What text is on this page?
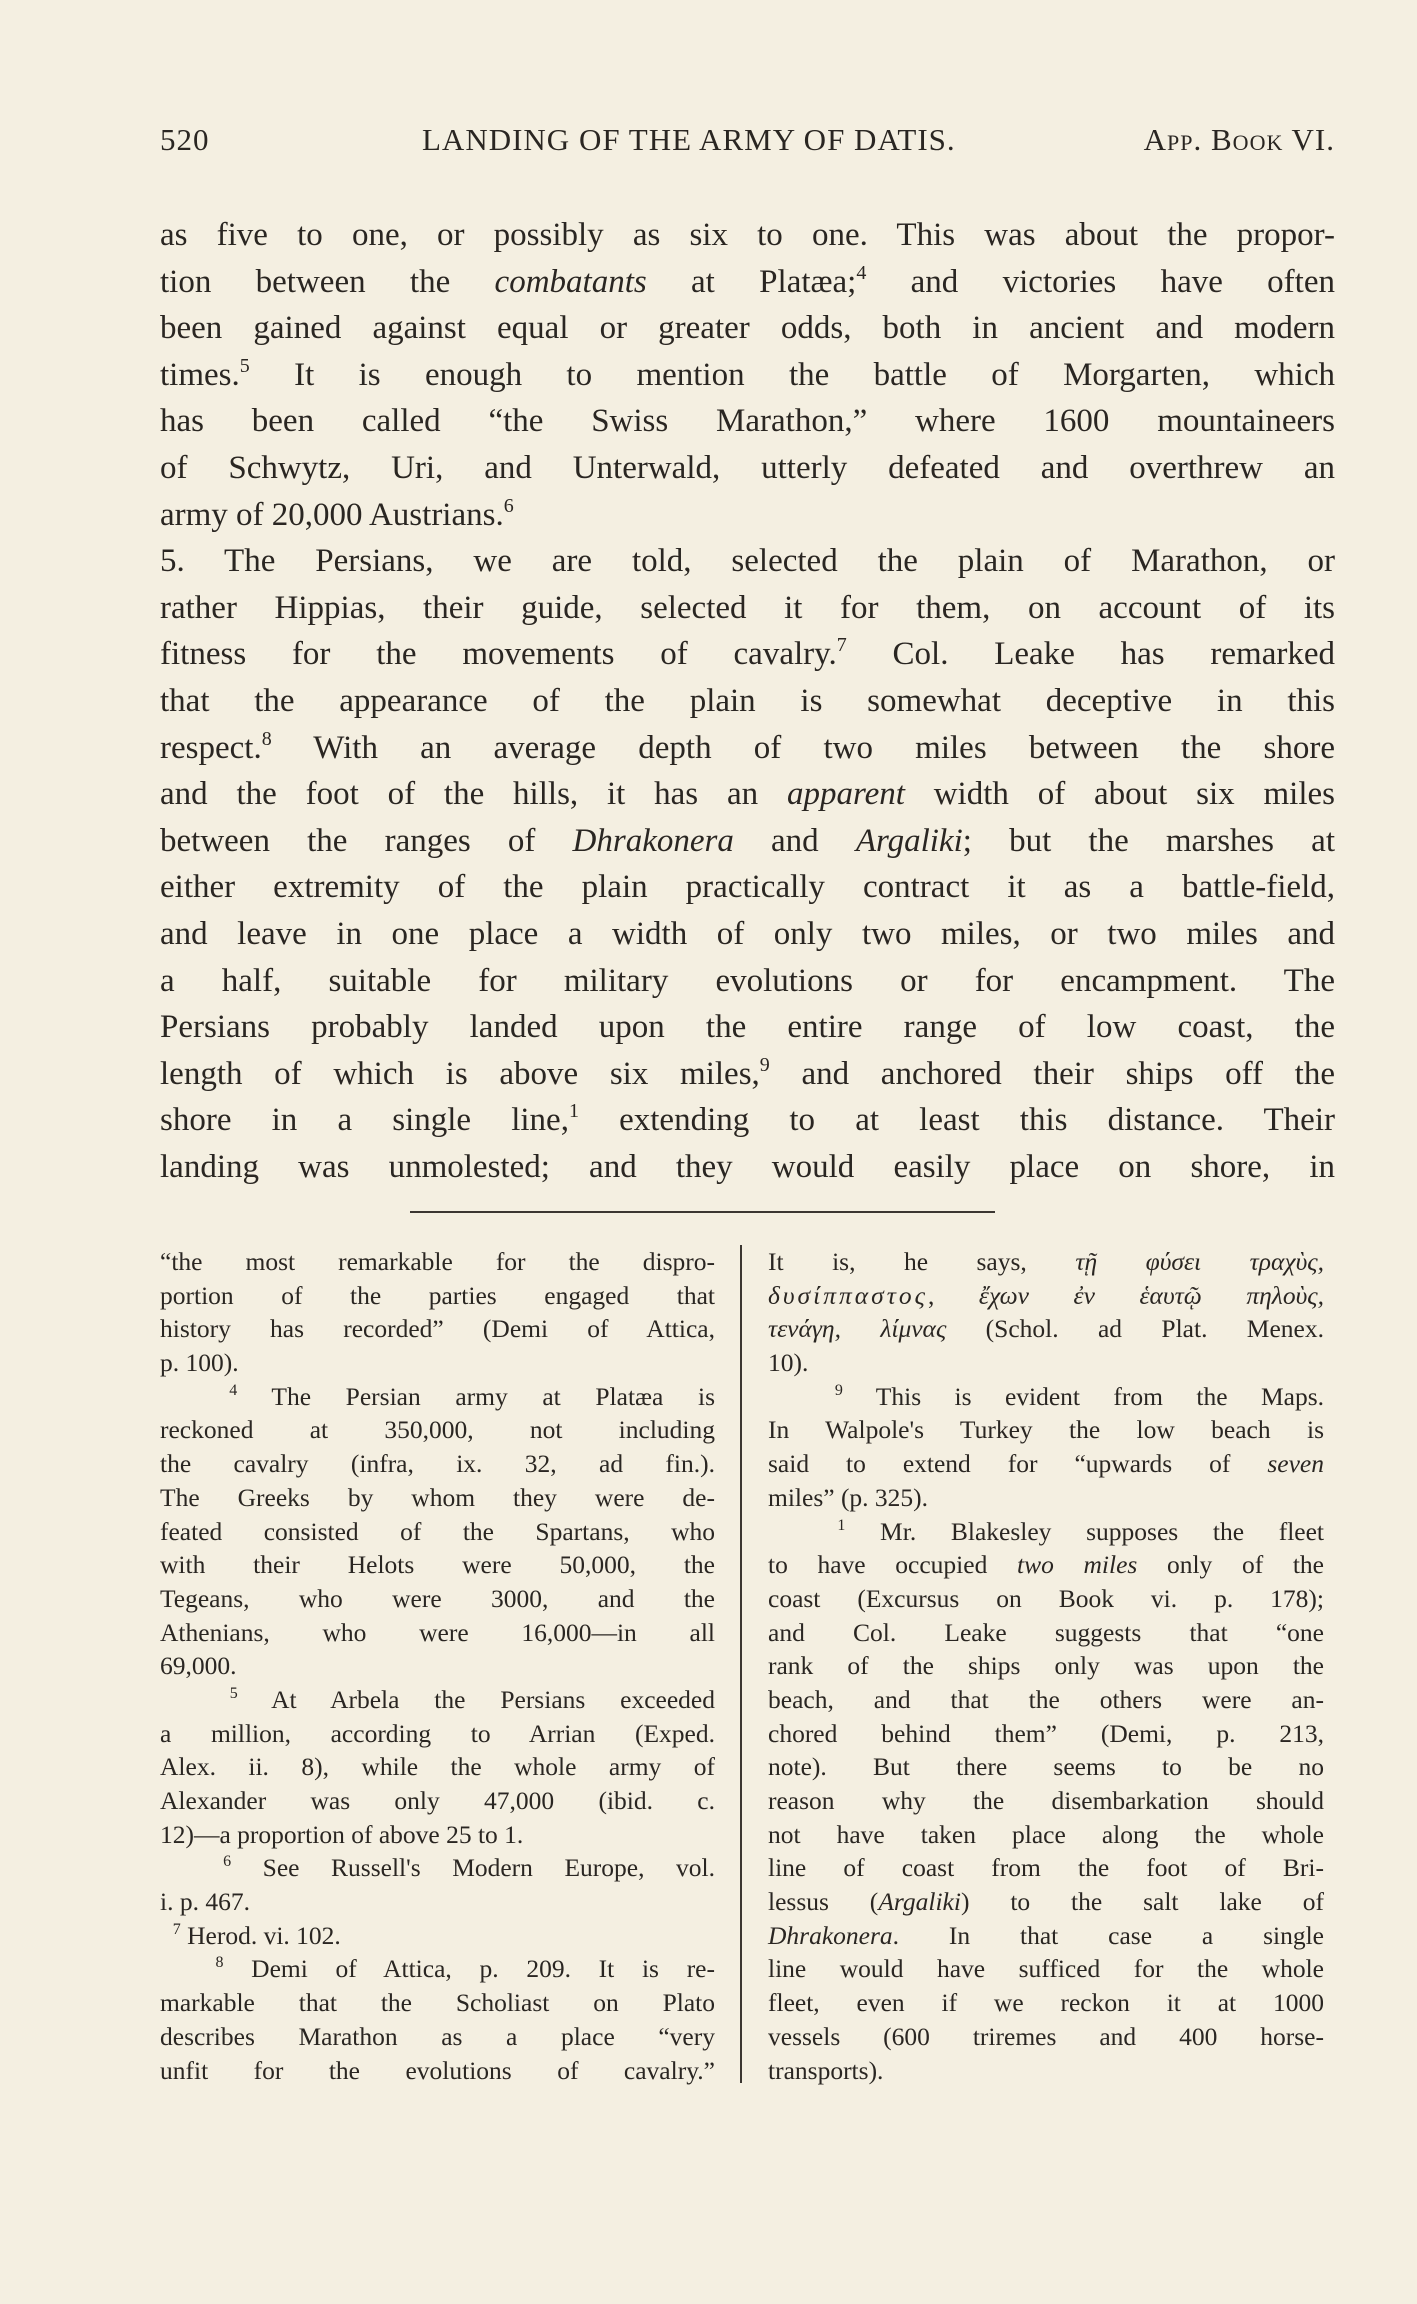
520	LANDING OF THE ARMY OF DATIS.	App. Book VI.
as five to one, or possibly as six to one. This was about the propor-
tion between the combatants at Platæa;$^4$ and victories have often
been gained against equal or greater odds, both in ancient and modern
times.$^5$ It is enough to mention the battle of Morgarten, which
has been called “the Swiss Marathon,” where 1600 mountaineers
of Schwytz, Uri, and Unterwald, utterly defeated and overthrew an
army of 20,000 Austrians.$^6$
5. The Persians, we are told, selected the plain of Marathon, or
rather Hippias, their guide, selected it for them, on account of its
fitness for the movements of cavalry.$^7$ Col. Leake has remarked
that the appearance of the plain is somewhat deceptive in this
respect.$^8$ With an average depth of two miles between the shore
and the foot of the hills, it has an apparent width of about six miles
between the ranges of Dhrakonera and Argaliki; but the marshes at
either extremity of the plain practically contract it as a battle-field,
and leave in one place a width of only two miles, or two miles and
a half, suitable for military evolutions or for encampment. The
Persians probably landed upon the entire range of low coast, the
length of which is above six miles,$^9$ and anchored their ships off the
shore in a single line,$^1$ extending to at least this distance. Their
landing was unmolested; and they would easily place on shore, in
“the most remarkable for the dispro-
portion of the parties engaged that
history has recorded” (Demi of Attica,
p. 100).
$^4$ The Persian army at Platæa is
reckoned at 350,000, not including
the cavalry (infra, ix. 32, ad fin.).
The Greeks by whom they were de-
feated consisted of the Spartans, who
with their Helots were 50,000, the
Tegeans, who were 3000, and the
Athenians, who were 16,000—in all
69,000.
$^5$ At Arbela the Persians exceeded
a million, according to Arrian (Exped.
Alex. ii. 8), while the whole army of
Alexander was only 47,000 (ibid. c.
12)—a proportion of above 25 to 1.
$^6$ See Russell's Modern Europe, vol.
i. p. 467.
$^7$ Herod. vi. 102.
$^8$ Demi of Attica, p. 209. It is re-
markable that the Scholiast on Plato
describes Marathon as a place “very
unfit for the evolutions of cavalry.”
It is, he says, τῇ φύσει τραχὺς,
δυσίππαστος, ἔχων ἐν ἑαυτῷ πηλοὺς,
τενάγη, λίμνας (Schol. ad Plat. Menex.
10).
$^9$ This is evident from the Maps.
In Walpole's Turkey the low beach is
said to extend for “upwards of seven
miles” (p. 325).
$^1$ Mr. Blakesley supposes the fleet
to have occupied two miles only of the
coast (Excursus on Book vi. p. 178);
and Col. Leake suggests that “one
rank of the ships only was upon the
beach, and that the others were an-
chored behind them” (Demi, p. 213,
note). But there seems to be no
reason why the disembarkation should
not have taken place along the whole
line of coast from the foot of Bri-
lessus (Argaliki) to the salt lake of
Dhrakonera. In that case a single
line would have sufficed for the whole
fleet, even if we reckon it at 1000
vessels (600 triremes and 400 horse-
transports).
